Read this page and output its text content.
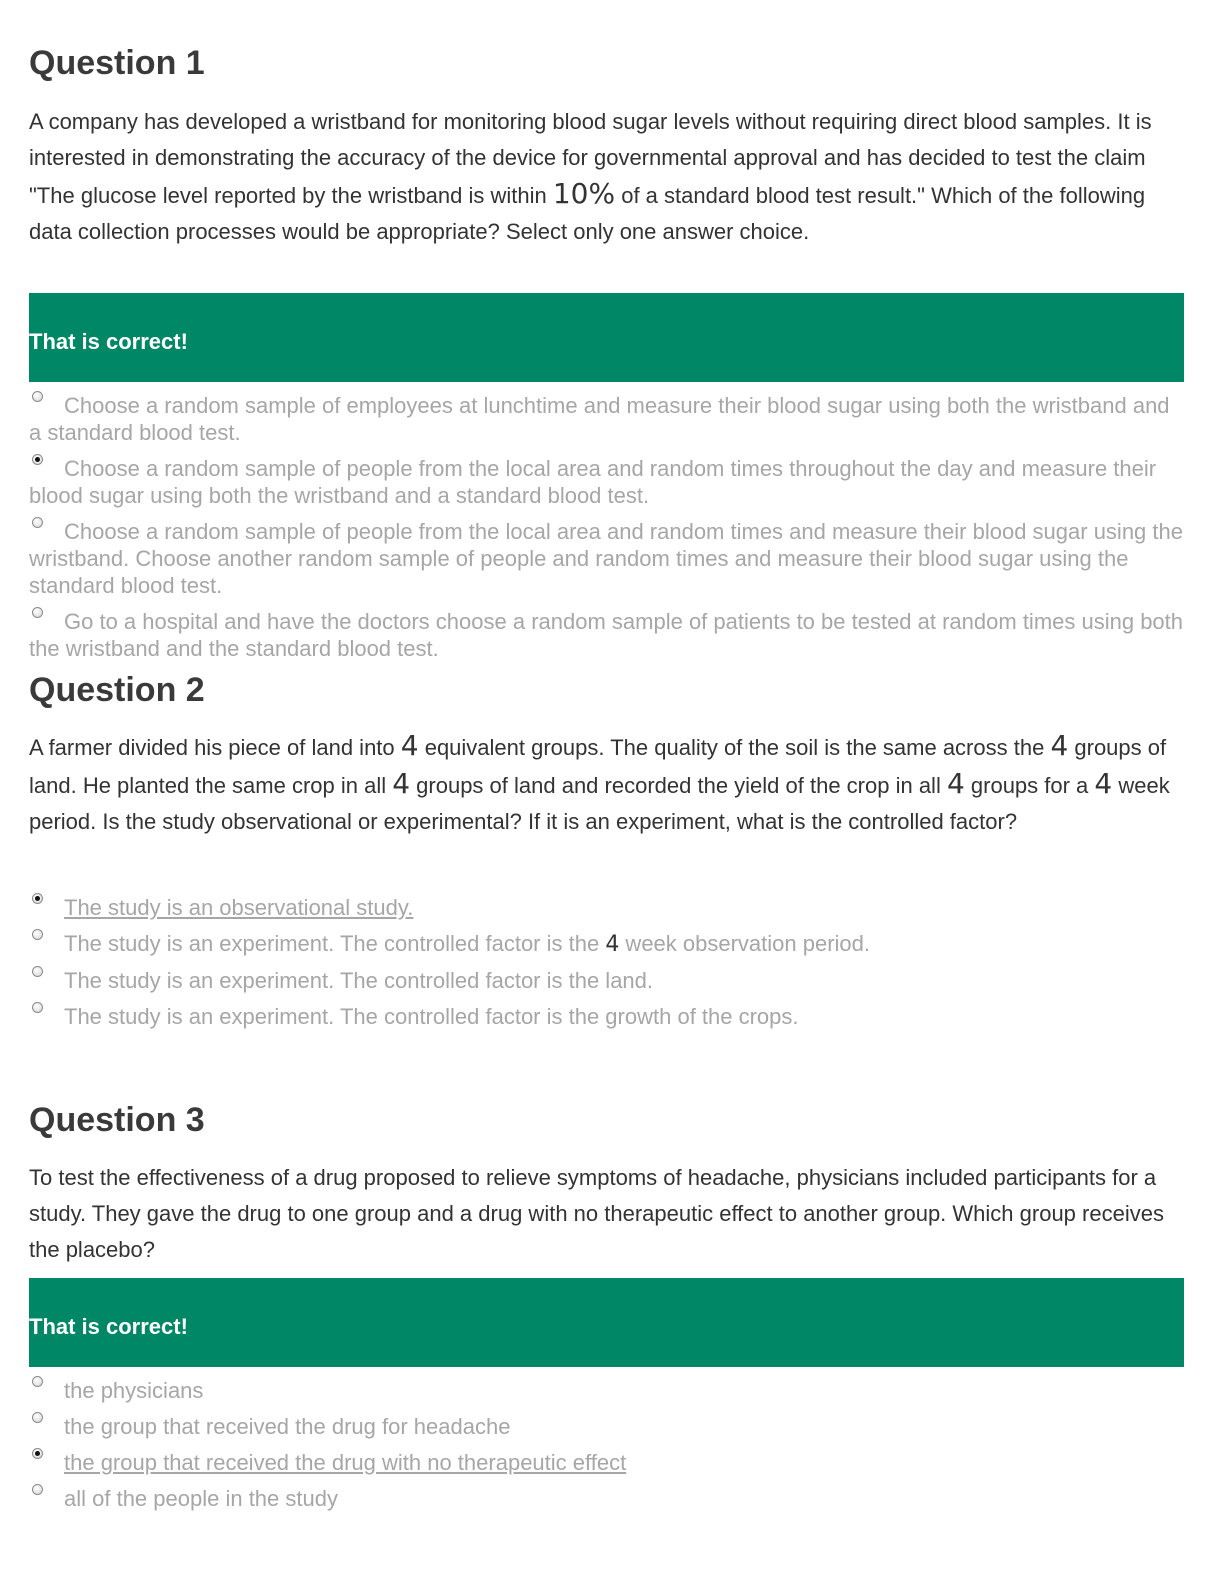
Question 1

A company has developed a wristband for monitoring blood sugar levels without requiring direct blood samples. It is interested in demonstrating the accuracy of the device for governmental approval and has decided to test the claim "The glucose level reported by the wristband is within 10% of a standard blood test result." Which of the following data collection processes would be appropriate? Select only one answer choice.

That is correct!
Choose a random sample of employees at lunchtime and measure their blood sugar using both the wristband and a standard blood test.
Choose a random sample of people from the local area and random times throughout the day and measure their blood sugar using both the wristband and a standard blood test.
Choose a random sample of people from the local area and random times and measure their blood sugar using the wristband. Choose another random sample of people and random times and measure their blood sugar using the standard blood test.
Go to a hospital and have the doctors choose a random sample of patients to be tested at random times using both the wristband and the standard blood test.
Question 2

A farmer divided his piece of land into 4 equivalent groups. The quality of the soil is the same across the 4 groups of land. He planted the same crop in all 4 groups of land and recorded the yield of the crop in all 4 groups for a 4 week period. Is the study observational or experimental? If it is an experiment, what is the controlled factor?

The study is an observational study.
The study is an experiment. The controlled factor is the 4 week observation period.
The study is an experiment. The controlled factor is the land.
The study is an experiment. The controlled factor is the growth of the crops.
Question 3

To test the effectiveness of a drug proposed to relieve symptoms of headache, physicians included participants for a study. They gave the drug to one group and a drug with no therapeutic effect to another group. Which group receives the placebo?

That is correct!
the physicians
the group that received the drug for headache
the group that received the drug with no therapeutic effect
all of the people in the study
